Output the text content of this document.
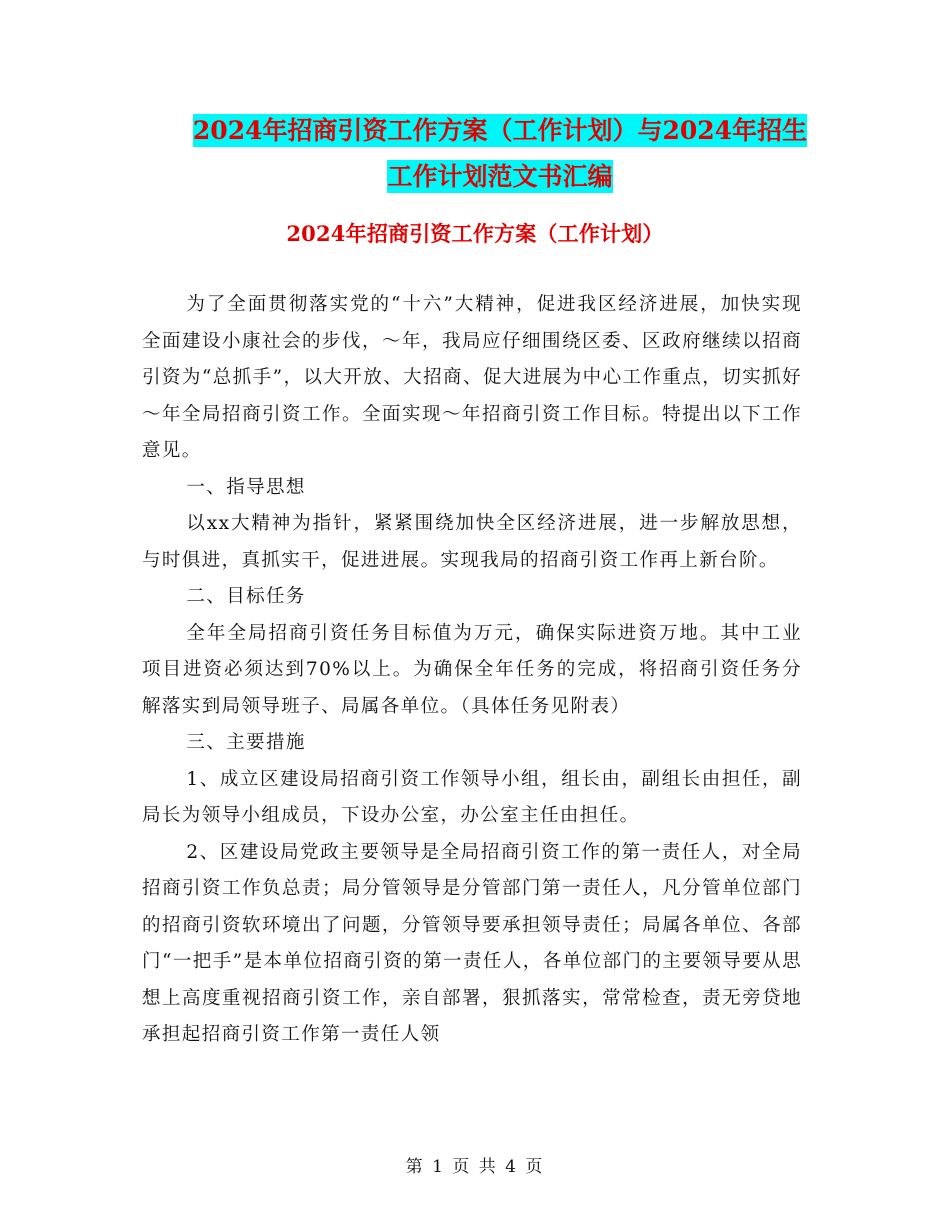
2024年招商引资工作方案（工作计划）与2024年招生
工作计划范文书汇编
2024年招商引资工作方案（工作计划）

为了全面贯彻落实党的“十六”大精神，促进我区经济进展，加快实现全面建设小康社会的步伐，～年，我局应仔细围绕区委、区政府继续以招商引资为“总抓手”，以大开放、大招商、促大进展为中心工作重点，切实抓好～年全局招商引资工作。全面实现～年招商引资工作目标。特提出以下工作意见。

一、指导思想

以xx大精神为指针，紧紧围绕加快全区经济进展，进一步解放思想，与时俱进，真抓实干，促进进展。实现我局的招商引资工作再上新台阶。

二、目标任务

全年全局招商引资任务目标值为万元，确保实际进资万地。其中工业项目进资必须达到70%以上。为确保全年任务的完成，将招商引资任务分解落实到局领导班子、局属各单位。（具体任务见附表）

三、主要措施

1、成立区建设局招商引资工作领导小组，组长由，副组长由担任，副局长为领导小组成员，下设办公室，办公室主任由担任。

2、区建设局党政主要领导是全局招商引资工作的第一责任人，对全局招商引资工作负总责；局分管领导是分管部门第一责任人，凡分管单位部门的招商引资软环境出了问题，分管领导要承担领导责任；局属各单位、各部门“一把手”是本单位招商引资的第一责任人，各单位部门的主要领导要从思想上高度重视招商引资工作，亲自部署，狠抓落实，常常检查，责无旁贷地承担起招商引资工作第一责任人领

第 1 页 共 4 页
